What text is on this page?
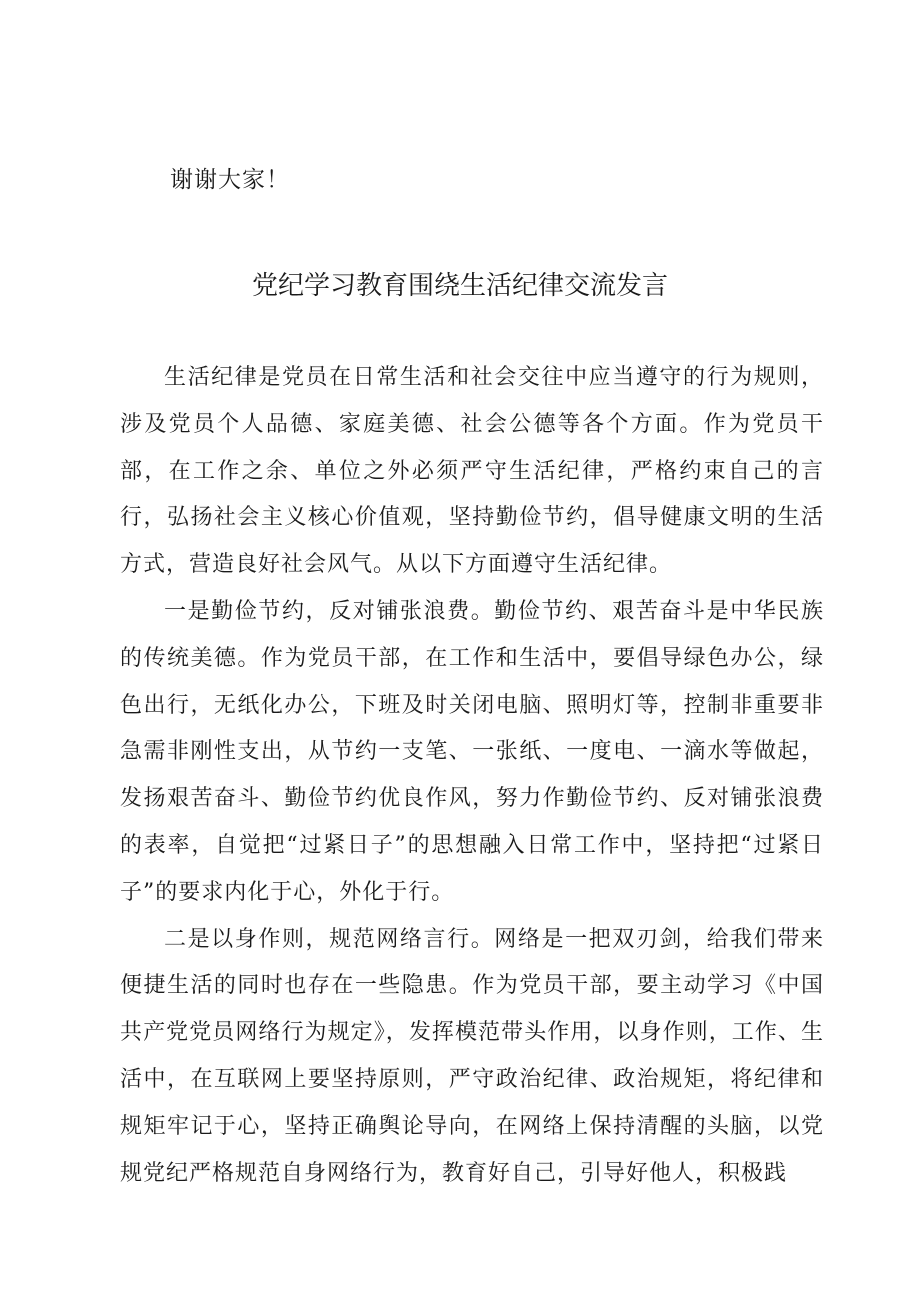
谢谢大家！

党纪学习教育围绕生活纪律交流发言

生活纪律是党员在日常生活和社会交往中应当遵守的行为规则，涉及党员个人品德、家庭美德、社会公德等各个方面。作为党员干部，在工作之余、单位之外必须严守生活纪律，严格约束自己的言行，弘扬社会主义核心价值观，坚持勤俭节约，倡导健康文明的生活方式，营造良好社会风气。从以下方面遵守生活纪律。

一是勤俭节约，反对铺张浪费。勤俭节约、艰苦奋斗是中华民族的传统美德。作为党员干部，在工作和生活中，要倡导绿色办公，绿色出行，无纸化办公，下班及时关闭电脑、照明灯等，控制非重要非急需非刚性支出，从节约一支笔、一张纸、一度电、一滴水等做起，发扬艰苦奋斗、勤俭节约优良作风，努力作勤俭节约、反对铺张浪费的表率，自觉把“过紧日子”的思想融入日常工作中，坚持把“过紧日子”的要求内化于心，外化于行。

二是以身作则，规范网络言行。网络是一把双刃剑，给我们带来便捷生活的同时也存在一些隐患。作为党员干部，要主动学习《中国共产党党员网络行为规定》，发挥模范带头作用，以身作则，工作、生活中，在互联网上要坚持原则，严守政治纪律、政治规矩，将纪律和规矩牢记于心，坚持正确舆论导向，在网络上保持清醒的头脑，以党规党纪严格规范自身网络行为，教育好自己，引导好他人，积极践
